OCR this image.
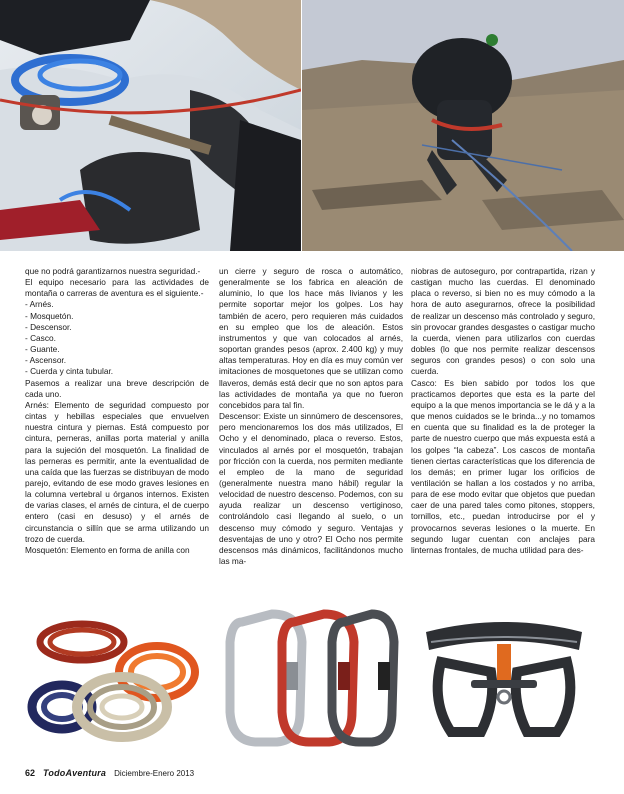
que no podrá garantizarnos nuestra seguridad.-

El equipo necesario para las actividades de montaña o carreras de aventura es el siguiente.-

- Arnés.

- Mosquetón.

- Descensor.

- Casco.

- Guante.

- Ascensor.

- Cuerda y cinta tubular.

Pasemos a realizar una breve descripción de cada uno.

Arnés: Elemento de seguridad compuesto por cintas y hebillas especiales que envuelven nuestra cintura y piernas. Está compuesto por cintura, perneras, anillas porta material y anilla para la sujeción del mosquetón. La finalidad de las perneras es permitir, ante la eventualidad de una caída que las fuerzas se distribuyan de modo parejo, evitando de ese modo graves lesiones en la columna vertebral u órganos internos. Existen de varias clases, el arnés de cintura, el de cuerpo entero (casi en desuso) y el arnés de circunstancia o sillín que se arma utilizando un trozo de cuerda.

Mosquetón: Elemento en forma de anilla con

un cierre y seguro de rosca o automático, generalmente se los fabrica en aleación de aluminio, lo que los hace más livianos y les permite soportar mejor los golpes. Los hay también de acero, pero requieren más cuidados en su empleo que los de aleación. Estos instrumentos y que van colocados al arnés, soportan grandes pesos (aprox. 2.400 kg) y muy altas temperaturas. Hoy en día es muy común ver imitaciones de mosquetones que se utilizan como llaveros, demás está decir que no son aptos para las actividades de montaña ya que no fueron concebidos para tal fin.

Descensor: Existe un sinnúmero de descensores, pero mencionaremos los dos más utilizados, El Ocho y el denominado, placa o reverso. Estos, vinculados al arnés por el mosquetón, trabajan por fricción con la cuerda, nos permiten mediante el empleo de la mano de seguridad (generalmente nuestra mano hábil) regular la velocidad de nuestro descenso. Podemos, con su ayuda realizar un descenso vertiginoso, controlándolo casi llegando al suelo, o un descenso muy cómodo y seguro. Ventajas y desventajas de uno y otro? El Ocho nos permite descensos más dinámicos, facilitándonos mucho las ma-

niobras de autoseguro, por contrapartida, rizan y castigan mucho las cuerdas. El denominado placa o reverso, si bien no es muy cómodo a la hora de auto asegurarnos, ofrece la posibilidad de realizar un descenso más controlado y seguro, sin provocar grandes desgastes o castigar mucho la cuerda, vienen para utilizarlos con cuerdas dobles (lo que nos permite realizar descensos seguros con grandes pesos) o con solo una cuerda.

Casco: Es bien sabido por todos los que practicamos deportes que esta es la parte del equipo a la que menos importancia se le dá y a la que menos cuidados se le brinda...y no tomamos en cuenta que su finalidad es la de proteger la parte de nuestro cuerpo que más expuesta está a los golpes “la cabeza”. Los cascos de montaña tienen ciertas características que los diferencia de los demás; en primer lugar los orificios de ventilación se hallan a los costados y no arriba, para de ese modo evitar que objetos que puedan caer de una pared tales como pitones, stoppers, tornillos, etc., puedan introducirse por el y provocarnos severas lesiones o la muerte. En segundo lugar cuentan con anclajes para linternas frontales, de mucha utilidad para des-

62 TodoAventura Diciembre-Enero 2013
